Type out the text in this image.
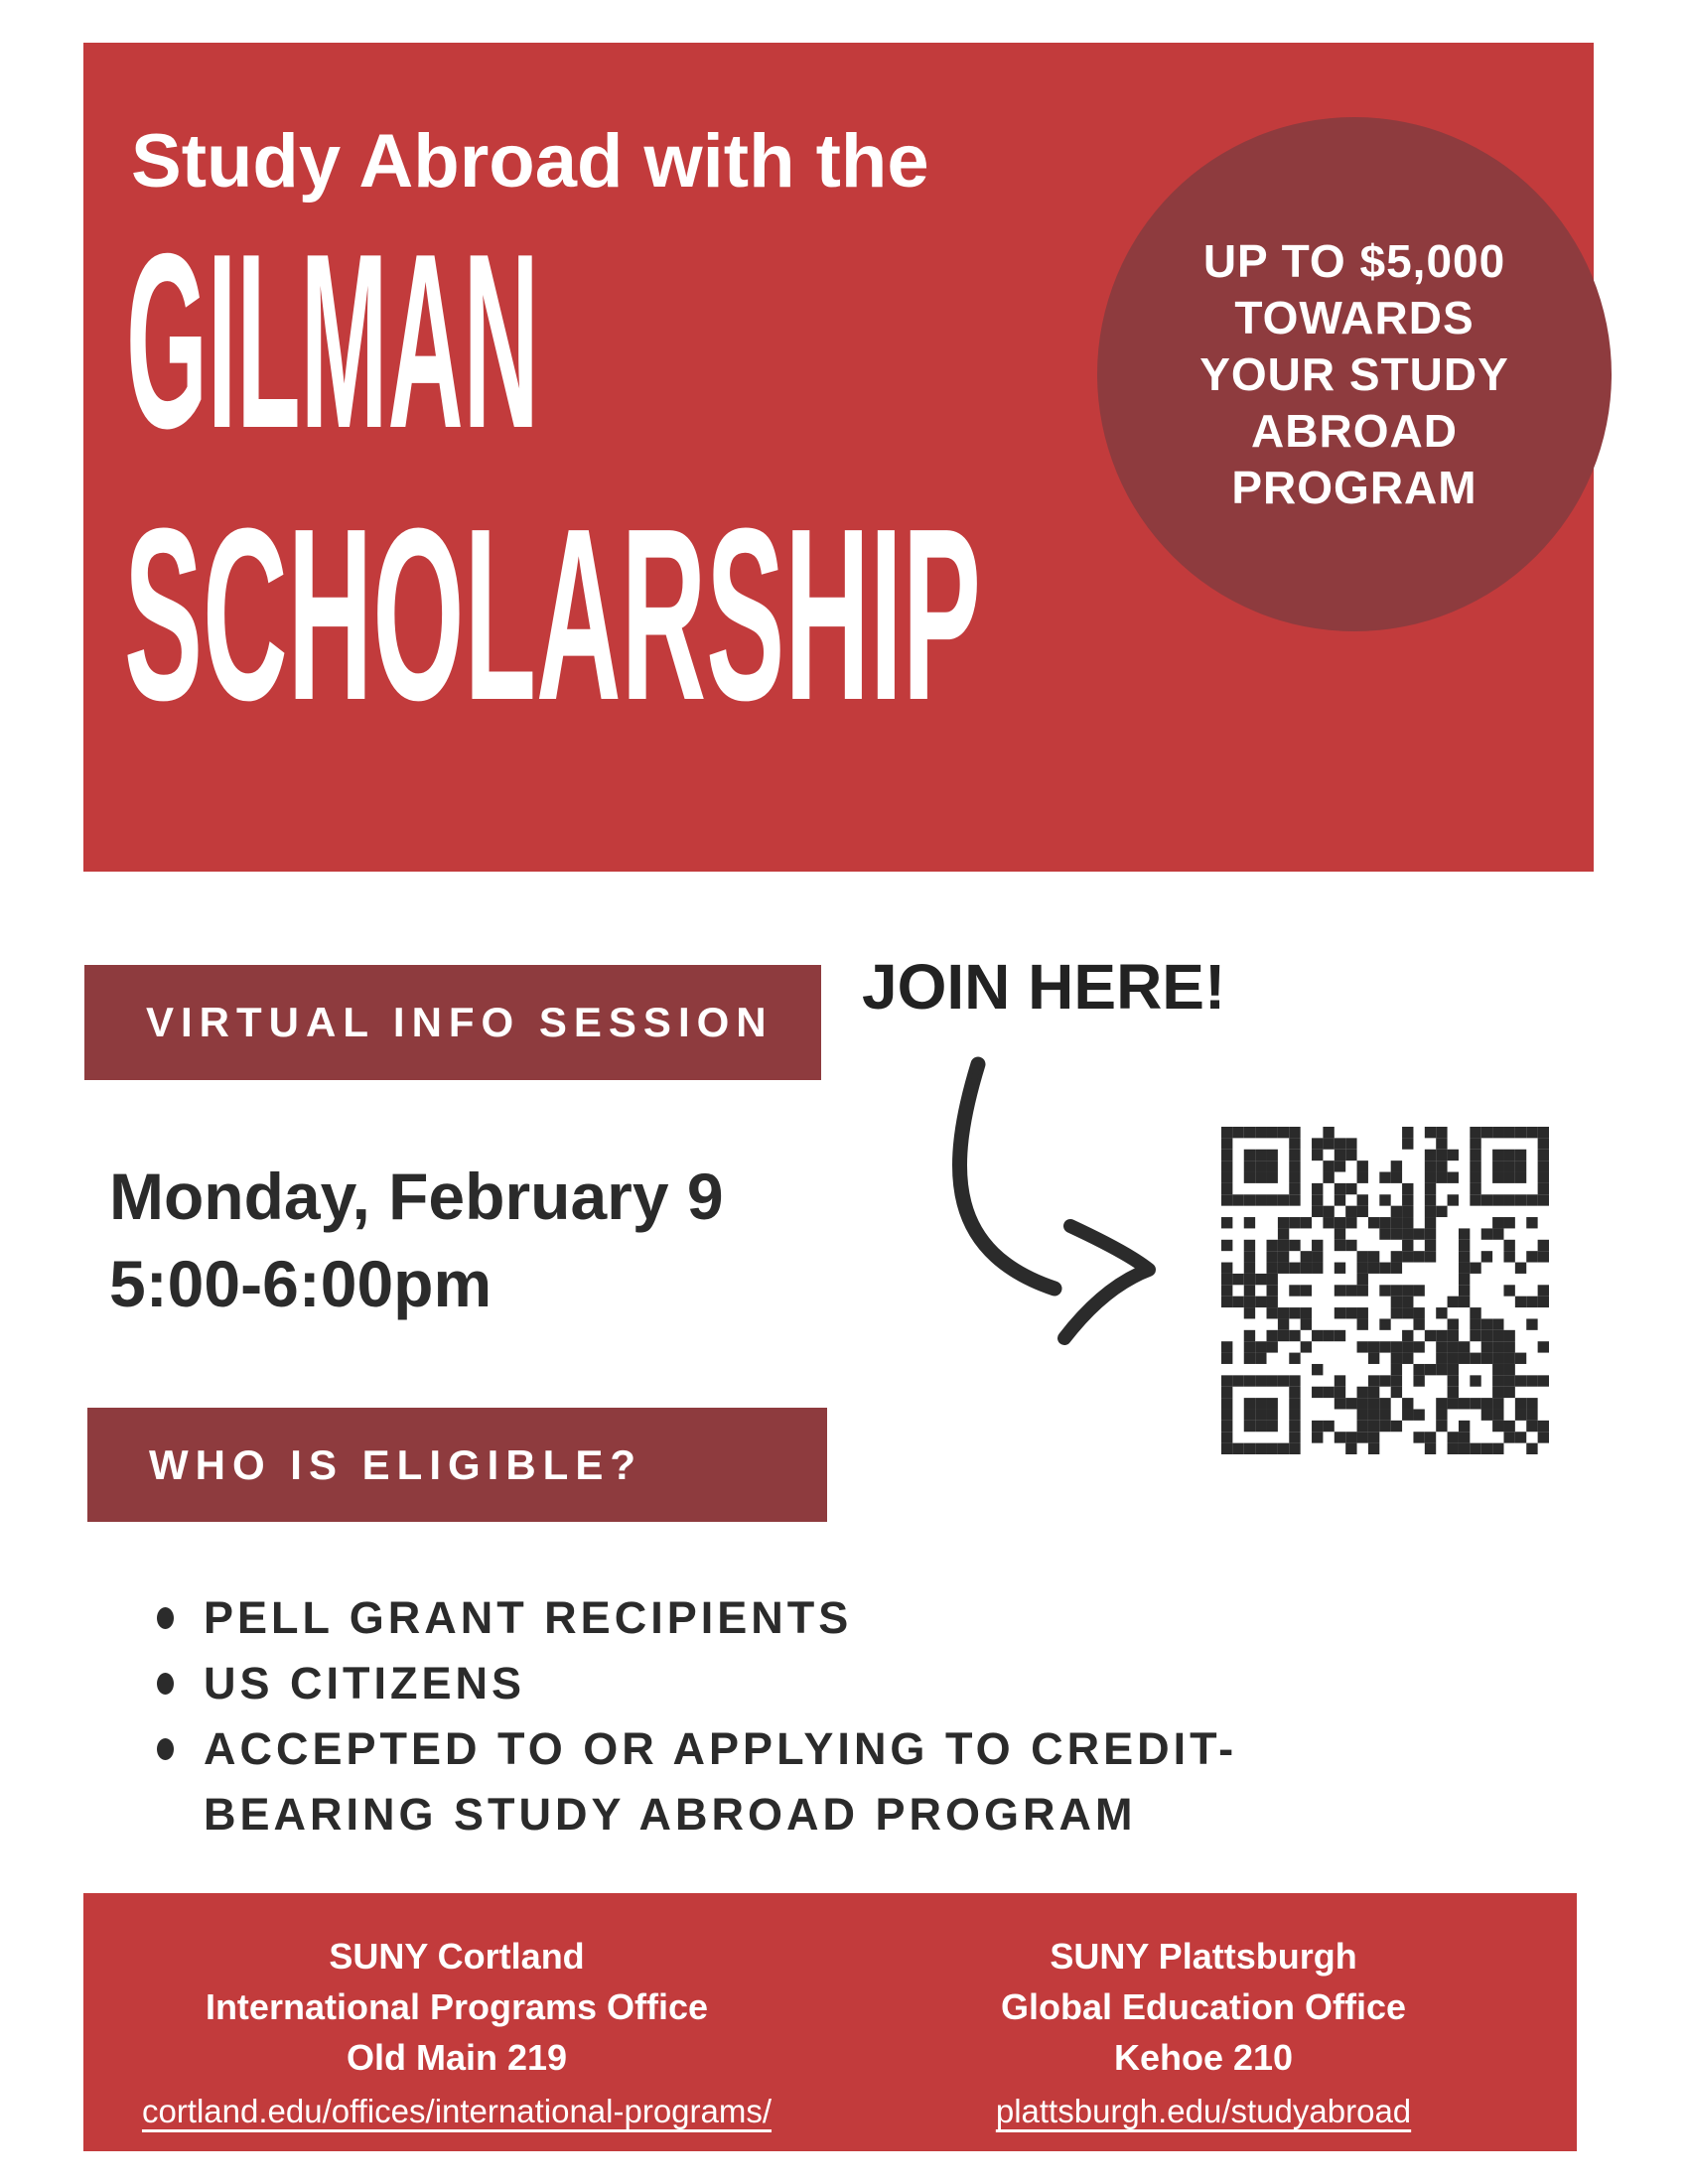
Study Abroad with the
GILMAN
SCHOLARSHIP
UP TO $5,000
TOWARDS
YOUR STUDY
ABROAD
PROGRAM
VIRTUAL INFO SESSION JOIN HERE!
Monday, February 9
5:00-6:00pm
WHO IS ELIGIBLE?
PELL GRANT RECIPIENTS
US CITIZENS
ACCEPTED TO OR APPLYING TO CREDIT-
BEARING STUDY ABROAD PROGRAM
SUNY Cortland
International Programs Office
Old Main 219
cortland.edu/offices/international-programs/
SUNY Plattsburgh
Global Education Office
Kehoe 210
plattsburgh.edu/studyabroad
